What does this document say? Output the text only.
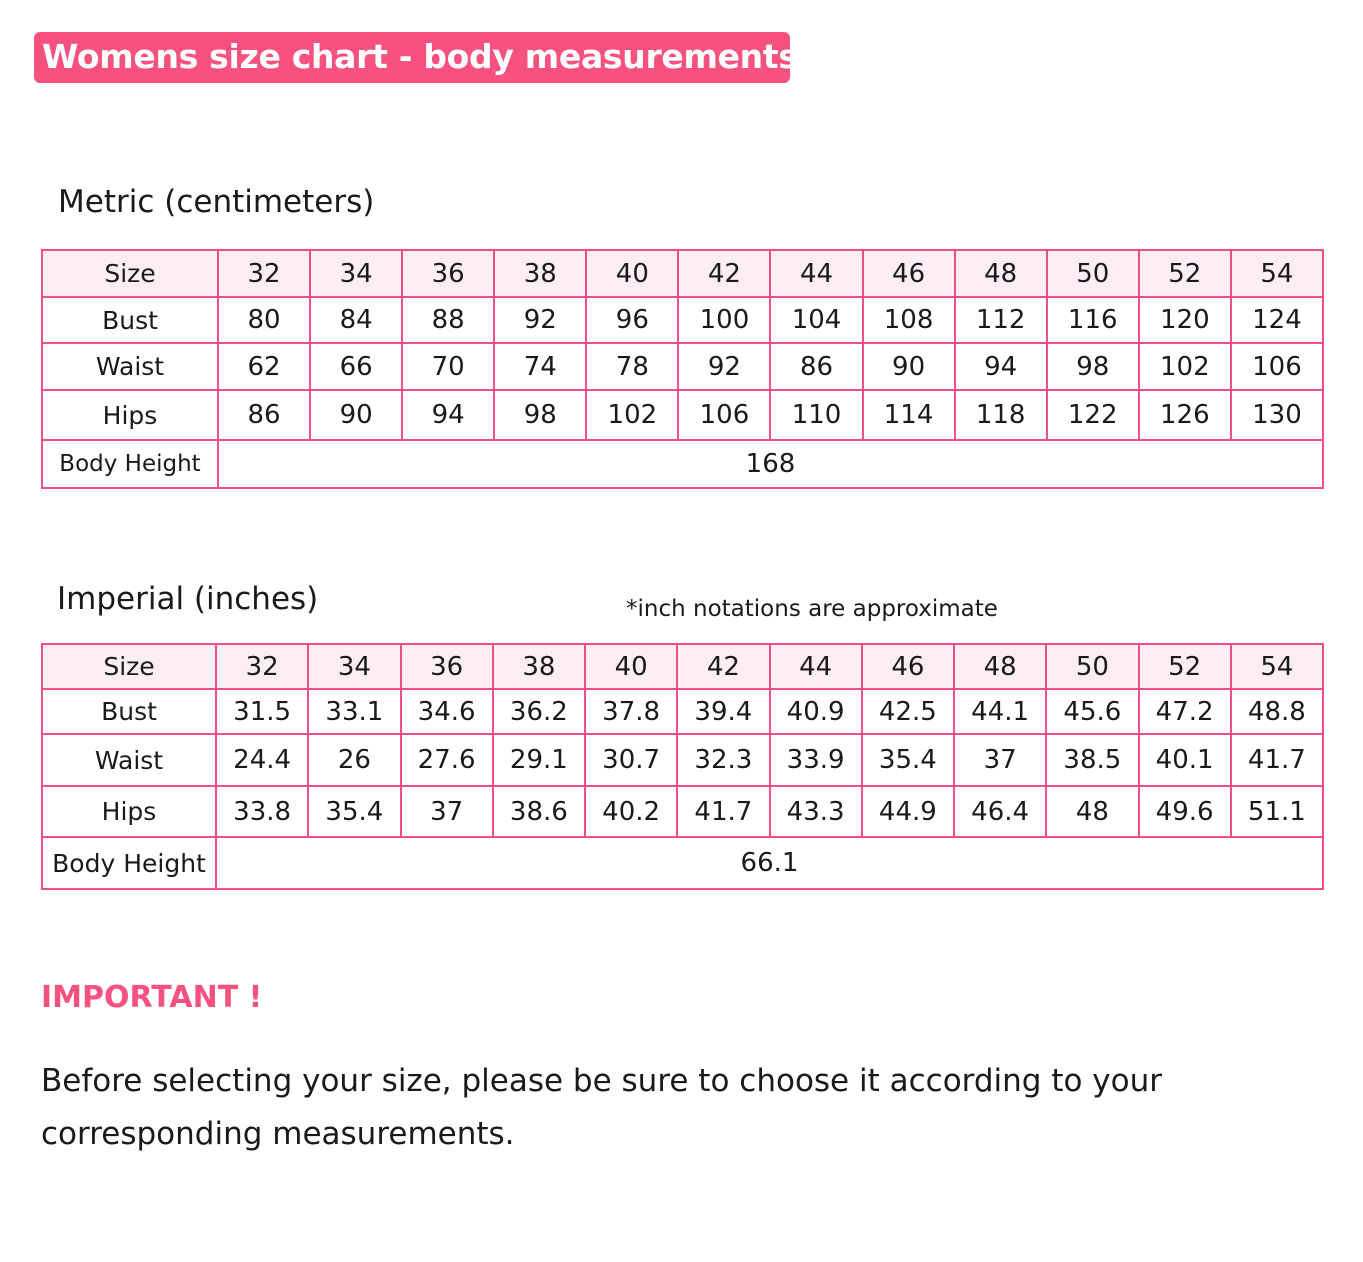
Womens size chart - body measurements
Metric (centimeters)
Size	32	34	36	38	40	42	44	46	48	50	52	54
Bust	80	84	88	92	96	100	104	108	112	116	120	124
Waist	62	66	70	74	78	92	86	90	94	98	102	106
Hips	86	90	94	98	102	106	110	114	118	122	126	130
Body Height	168											
Imperial (inches)	*inch notations are approximate
Size	32	34	36	38	40	42	44	46	48	50	52	54
Bust	31.5	33.1	34.6	36.2	37.8	39.4	40.9	42.5	44.1	45.6	47.2	48.8
Waist	24.4	26	27.6	29.1	30.7	32.3	33.9	35.4	37	38.5	40.1	41.7
Hips	33.8	35.4	37	38.6	40.2	41.7	43.3	44.9	46.4	48	49.6	51.1
Body Height	66.1											
IMPORTANT !
Before selecting your size, please be sure to choose it according to your corresponding measurements.
